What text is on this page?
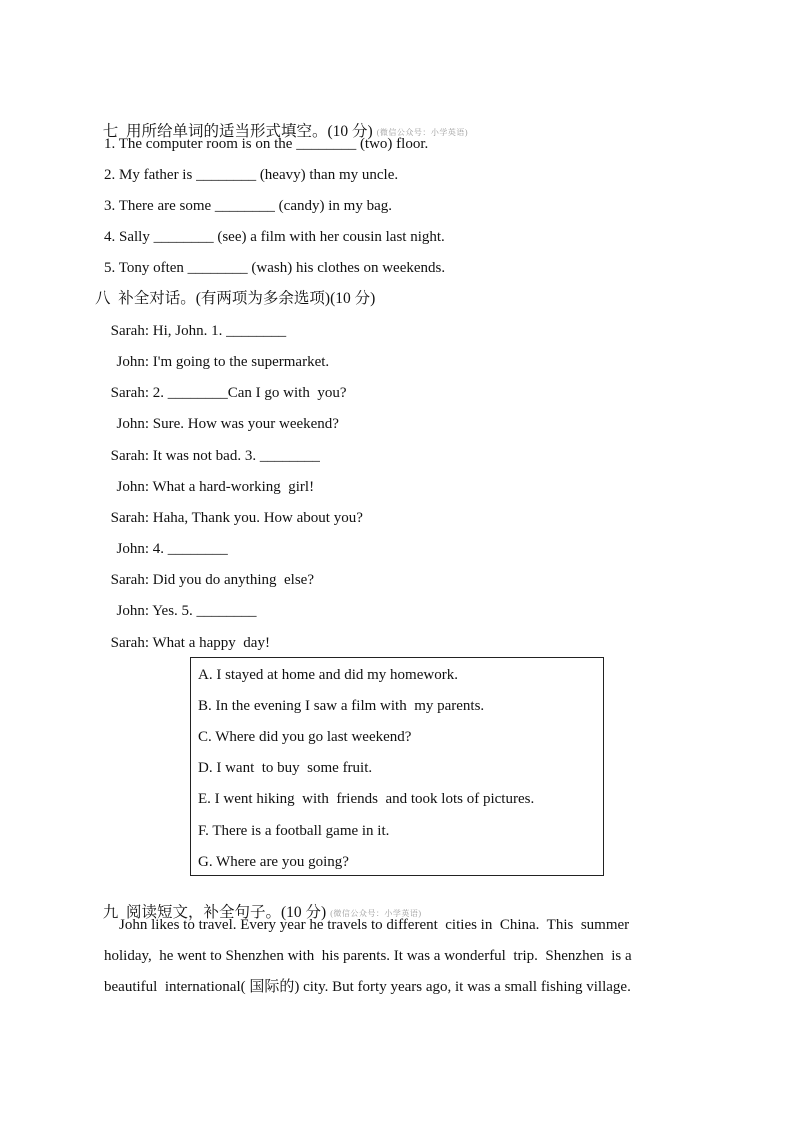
七  用所给单词的适当形式填空。(10 分) (微信公众号：小学英语)

1. The computer room is on the ________ (two) floor.
2. My father is ________ (heavy) than my uncle.
3. There are some ________ (candy) in my bag.
4. Sally ________ (see) a film with her cousin last night.
5. Tony often ________ (wash) his clothes on weekends.
八  补全对话。(有两项为多余选项)(10 分)
Sarah: Hi, John. 1. ________
John: I'm going to the supermarket.
Sarah: 2. ________Can I go with  you?
John: Sure. How was your weekend?
Sarah: It was not bad. 3. ________
John: What a hard-working  girl!
Sarah: Haha, Thank you. How about you?
John: 4. ________
Sarah: Did you do anything  else?
John: Yes. 5. ________
Sarah: What a happy  day!
A. I stayed at home and did my homework.
B. In the evening I saw a film with  my parents.
C. Where did you go last weekend?
D. I want  to buy  some fruit.
E. I went hiking  with  friends  and took lots of pictures.
F. There is a football game in it.
G. Where are you going?

九  阅读短文，补全句子。(10 分) (微信公众号：小学英语)

John likes to travel. Every year he travels to different  cities in  China.  This  summer
holiday,  he went to Shenzhen with  his parents. It was a wonderful  trip.  Shenzhen  is a
beautiful  international( 国际的) city. But forty years ago, it was a small fishing village.
